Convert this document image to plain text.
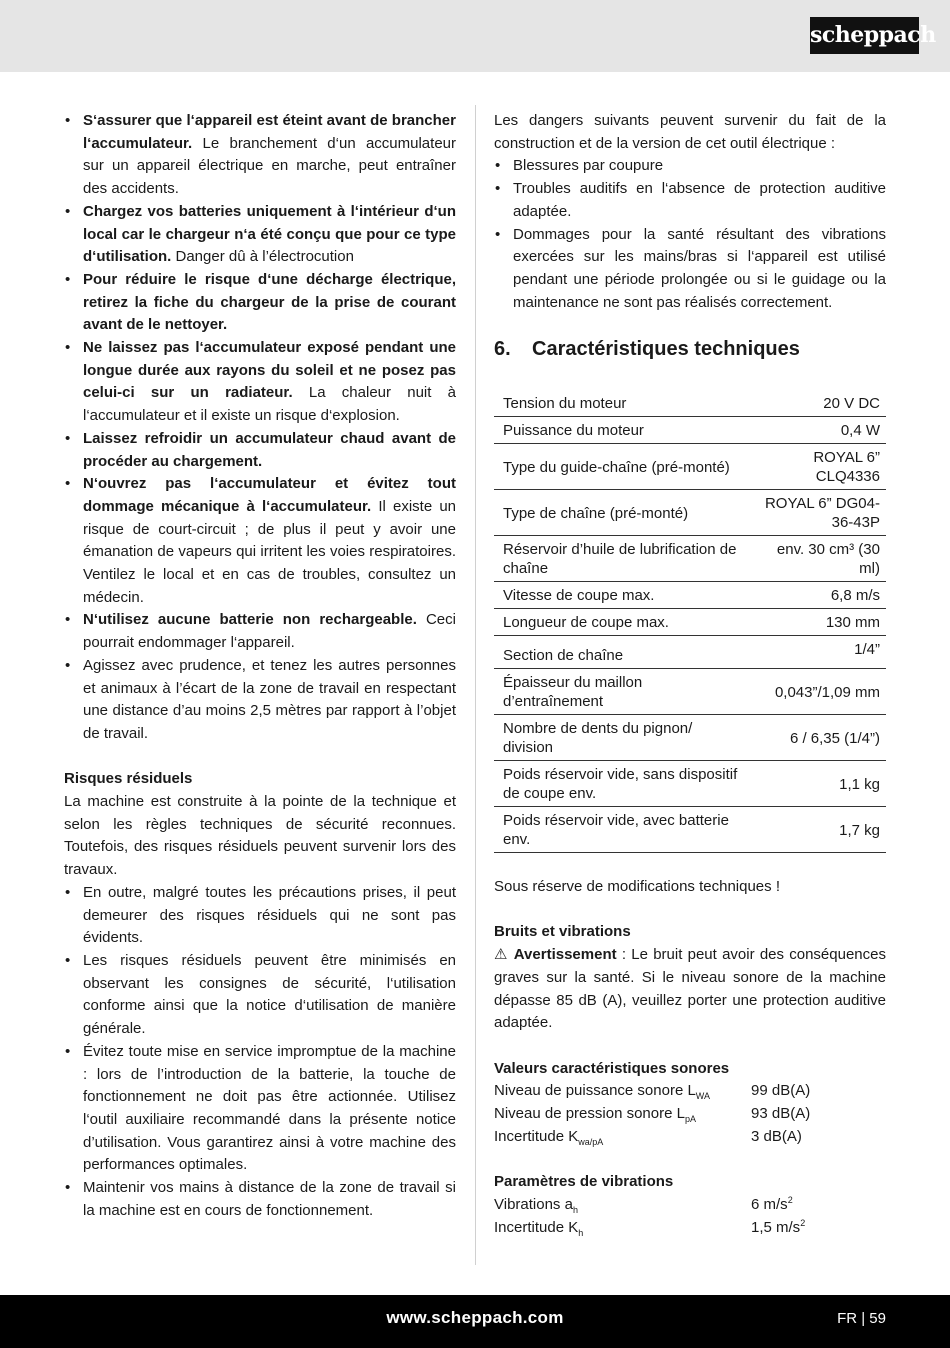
scheppach
• S‘assurer que l‘appareil est éteint avant de brancher l‘accumulateur. Le branchement d‘un accumulateur sur un appareil électrique en marche, peut entraîner des accidents.
• Chargez vos batteries uniquement à l‘intérieur d‘un local car le chargeur n‘a été conçu que pour ce type d‘utilisation. Danger dû à l’électrocution
• Pour réduire le risque d‘une décharge électrique, retirez la fiche du chargeur de la prise de courant avant de le nettoyer.
• Ne laissez pas l‘accumulateur exposé pendant une longue durée aux rayons du soleil et ne posez pas celui-ci sur un radiateur. La chaleur nuit à l‘accumulateur et il existe un risque d‘explosion.
• Laissez refroidir un accumulateur chaud avant de procéder au chargement.
• N‘ouvrez pas l‘accumulateur et évitez tout dommage mécanique à l‘accumulateur. Il existe un risque de court-circuit ; de plus il peut y avoir une émanation de vapeurs qui irritent les voies respiratoires. Ventilez le local et en cas de troubles, consultez un médecin.
• N‘utilisez aucune batterie non rechargeable. Ceci pourrait endommager l‘appareil.
• Agissez avec prudence, et tenez les autres personnes et animaux à l’écart de la zone de travail en respectant une distance d’au moins 2,5 mètres par rapport à l’objet de travail.

Risques résiduels

La machine est construite à la pointe de la technique et selon les règles techniques de sécurité reconnues. Toutefois, des risques résiduels peuvent survenir lors des travaux.

• En outre, malgré toutes les précautions prises, il peut demeurer des risques résiduels qui ne sont pas évidents.
• Les risques résiduels peuvent être minimisés en observant les consignes de sécurité, l‘utilisation conforme ainsi que la notice d‘utilisation de manière générale.
• Évitez toute mise en service impromptue de la machine : lors de l’introduction de la batterie, la touche de fonctionnement ne doit pas être actionnée. Utilisez l‘outil auxiliaire recommandé dans la présente notice d’utilisation. Vous garantirez ainsi à votre machine des performances optimales.
• Maintenir vos mains à distance de la zone de travail si la machine est en cours de fonctionnement.

Les dangers suivants peuvent survenir du fait de la construction et de la version de cet outil électrique :

• Blessures par coupure
• Troubles auditifs en l‘absence de protection auditive adaptée.
• Dommages pour la santé résultant des vibrations exercées sur les mains/bras si l‘appareil est utilisé pendant une période prolongée ou si le guidage ou la maintenance ne sont pas réalisés correctement.
6. Caractéristiques techniques
Tension du moteur	20 V DC
Puissance du moteur	0,4 W
Type du guide-chaîne (pré-monté)	ROYAL 6” CLQ4336
Type de chaîne (pré-monté)	ROYAL 6” DG04-36-43P
Réservoir d’huile de lubrification de chaîne	env. 30 cm³ (30 ml)
Vitesse de coupe max.	6,8 m/s
Longueur de coupe max.	130 mm
Section de chaîne	1/4”
Épaisseur du maillon d’entraînement	0,043”/1,09 mm
Nombre de dents du pignon/ division	6 / 6,35 (1/4”)
Poids réservoir vide, sans dispositif de coupe env.	1,1 kg
Poids réservoir vide, avec batterie env.	1,7 kg

Sous réserve de modifications techniques !

Bruits et vibrations

⚠ Avertissement : Le bruit peut avoir des conséquences graves sur la santé. Si le niveau sonore de la machine dépasse 85 dB (A), veuillez porter une protection auditive adaptée.

Valeurs caractéristiques sonores

Niveau de puissance sonore $L_{WA}$	99 dB(A)
Niveau de pression sonore $L_{pA}$	93 dB(A)
Incertitude $K_{wa/pA}$	3 dB(A)

Paramètres de vibrations

Vibrations $a_h$	6 $m/s^2$
Incertitude $K_h$	1,5 $m/s^2$
www.scheppach.com	FR | 59
